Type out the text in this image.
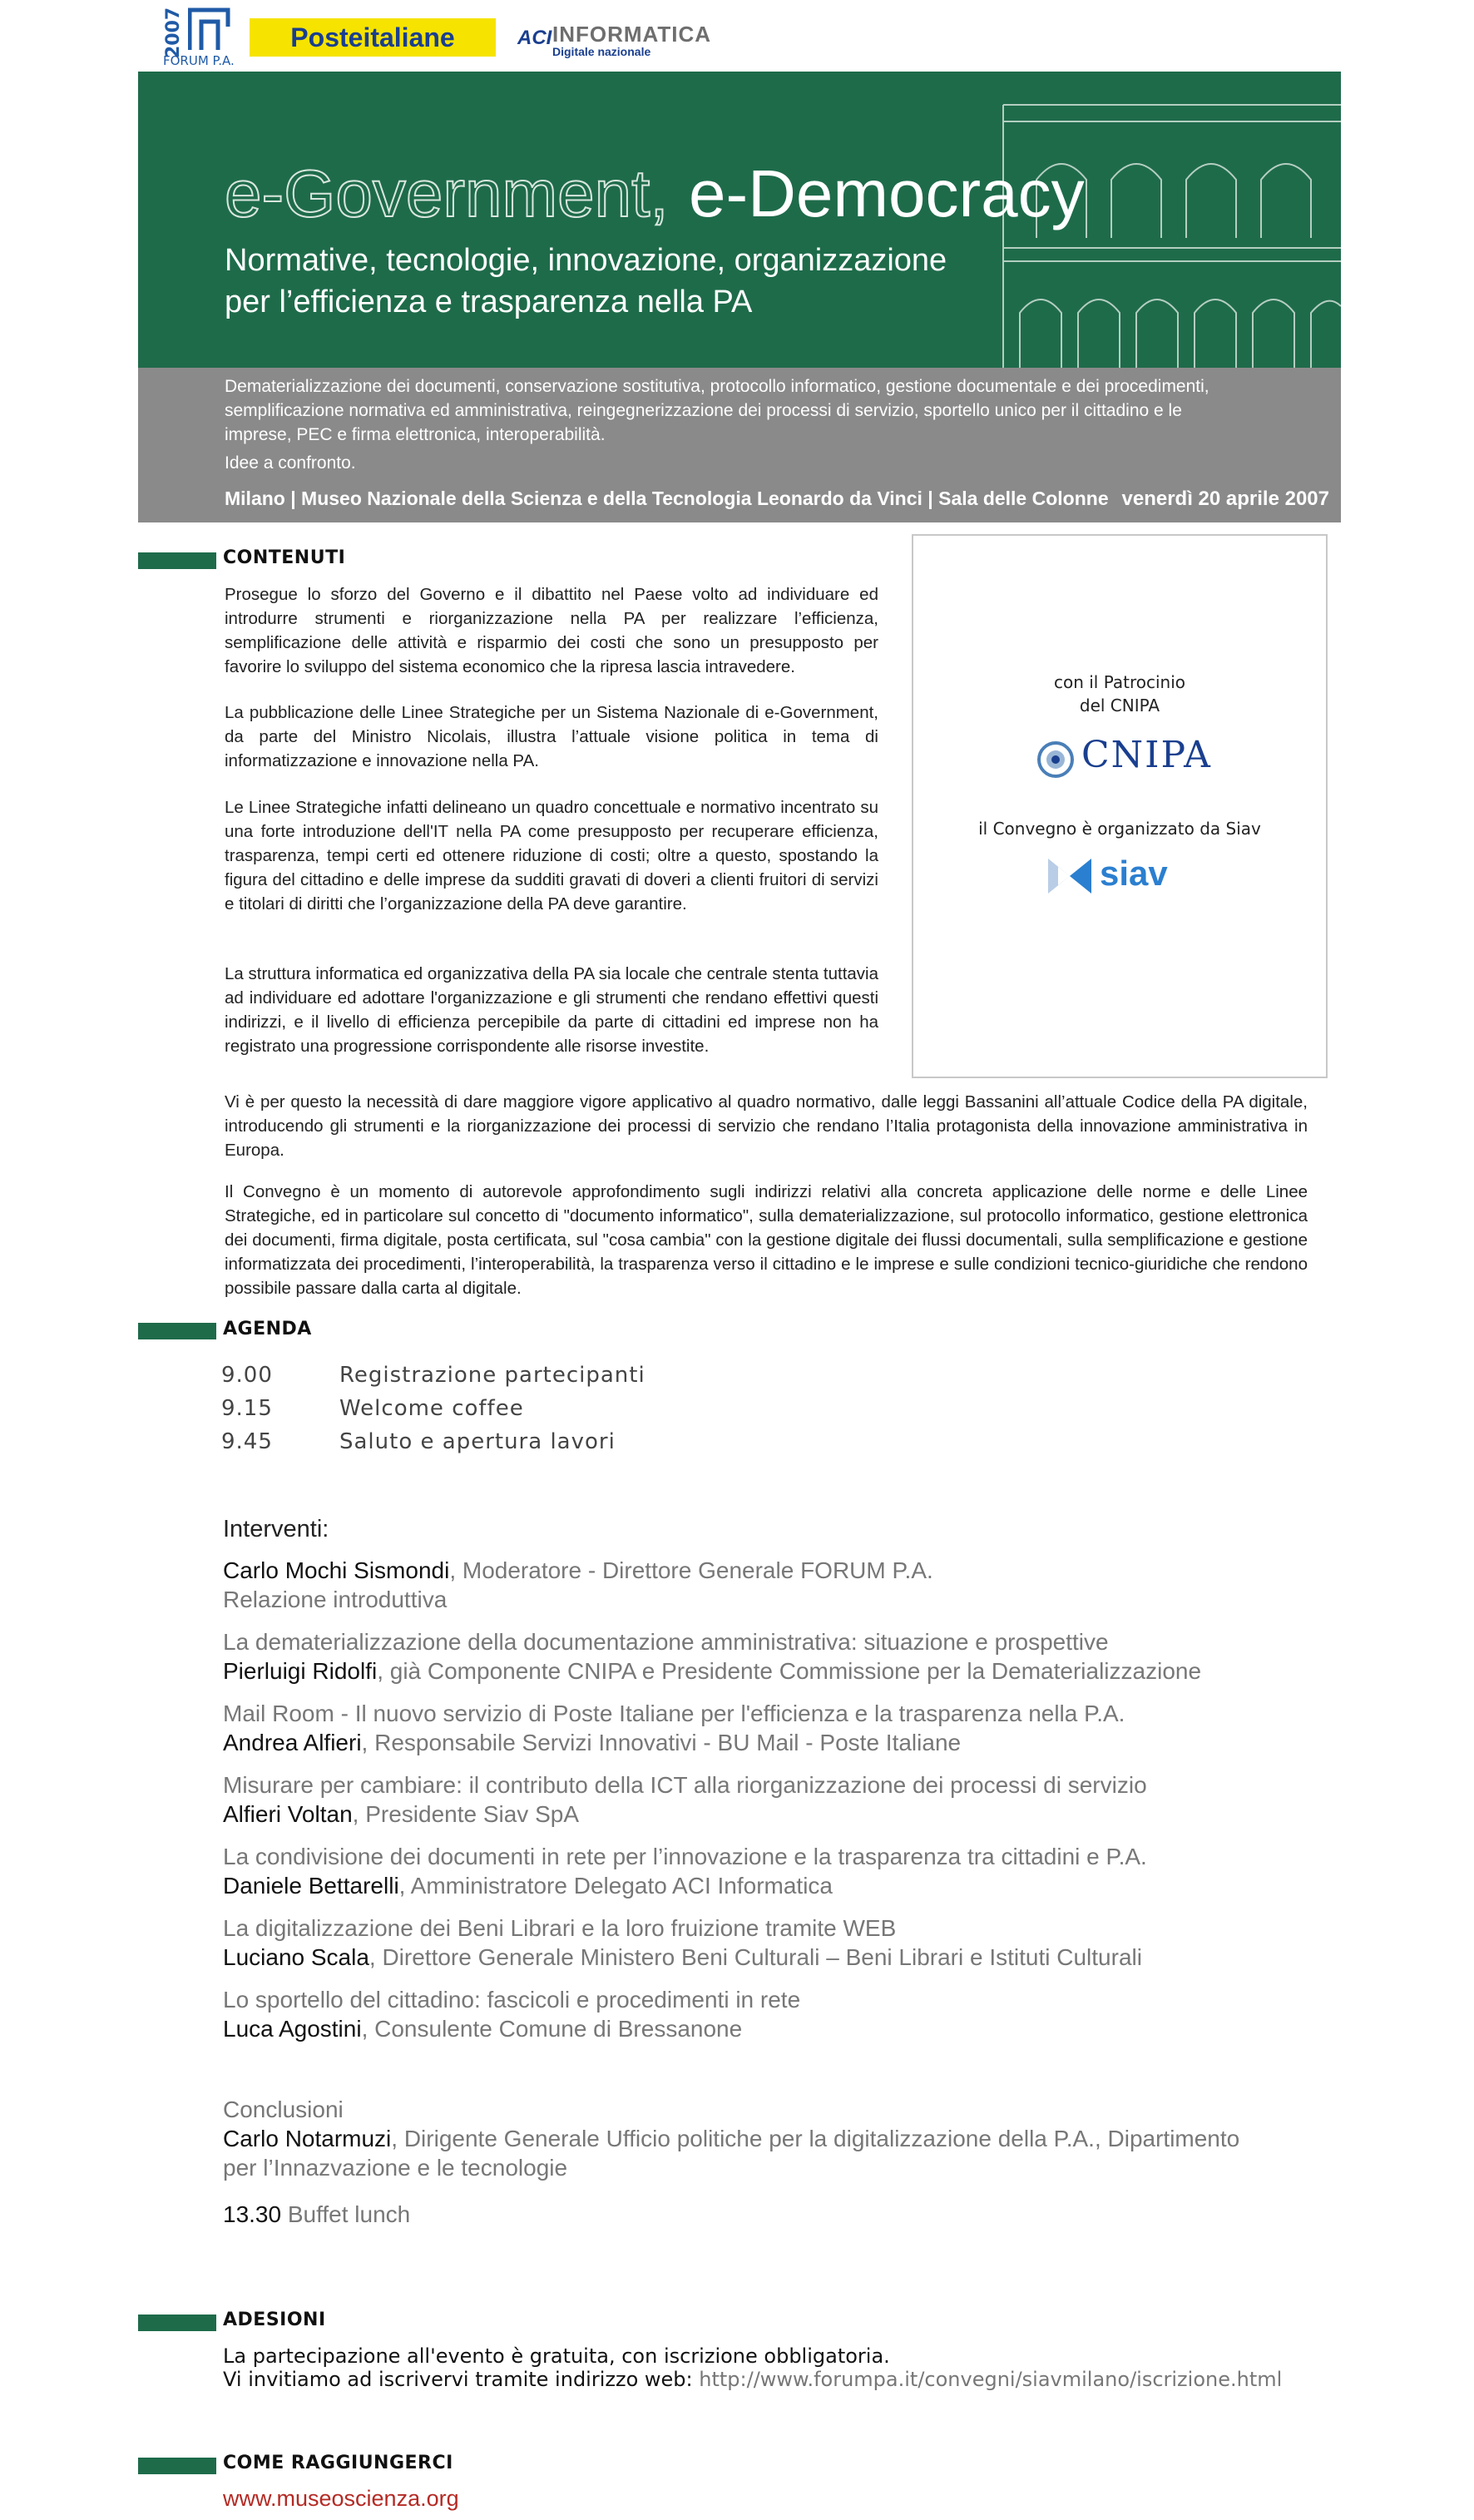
2007
FORUM P.A.
Posteitaliane	ACI INFORMATICA
Digitale nazionale
e-Government, e-Democracy
Normative, tecnologie, innovazione, organizzazione
per l’efficienza e trasparenza nella PA
Dematerializzazione dei documenti, conservazione sostitutiva, protocollo informatico, gestione documentale e dei procedimenti, semplificazione normativa ed amministrativa, reingegnerizzazione dei processi di servizio, sportello unico per il cittadino e le imprese, PEC e firma elettronica, interoperabilità.
Idee a confronto.
Milano | Museo Nazionale della Scienza e della Tecnologia Leonardo da Vinci | Sala delle Colonne venerdì 20 aprile 2007
CONTENUTI
Prosegue lo sforzo del Governo e il dibattito nel Paese volto ad individuare ed introdurre strumenti e riorganizzazione nella PA per realizzare l’efficienza, semplificazione delle attività e risparmio dei costi che sono un presupposto per favorire lo sviluppo del sistema economico che la ripresa lascia intravedere.
La pubblicazione delle Linee Strategiche per un Sistema Nazionale di e-Government, da parte del Ministro Nicolais, illustra l’attuale visione politica in tema di informatizzazione e innovazione nella PA.
Le Linee Strategiche infatti delineano un quadro concettuale e normativo incentrato su una forte introduzione dell'IT nella PA come presupposto per recuperare efficienza, trasparenza, tempi certi ed ottenere riduzione di costi; oltre a questo, spostando la figura del cittadino e delle imprese da sudditi gravati di doveri a clienti fruitori di servizi e titolari di diritti che l’organizzazione della PA deve garantire.
La struttura informatica ed organizzativa della PA sia locale che centrale stenta tuttavia ad individuare ed adottare l'organizzazione e gli strumenti che rendano effettivi questi indirizzi, e il livello di efficienza percepibile da parte di cittadini ed imprese non ha registrato una progressione corrispondente alle risorse investite.
Vi è per questo la necessità di dare maggiore vigore applicativo al quadro normativo, dalle leggi Bassanini all’attuale Codice della PA digitale, introducendo gli strumenti e la riorganizzazione dei processi di servizio che rendano l’Italia protagonista della innovazione amministrativa in Europa.
Il Convegno è un momento di autorevole approfondimento sugli indirizzi relativi alla concreta applicazione delle norme e delle Linee Strategiche, ed in particolare sul concetto di "documento informatico", sulla dematerializzazione, sul protocollo informatico, gestione elettronica dei documenti, firma digitale, posta certificata, sul "cosa cambia" con la gestione digitale dei flussi documentali, sulla semplificazione e gestione informatizzata dei procedimenti, l’interoperabilità, la trasparenza verso il cittadino e le imprese e sulle condizioni tecnico-giuridiche che rendono possibile passare dalla carta al digitale.
con il Patrocinio
del CNIPA
CNIPA
il Convegno è organizzato da Siav
siav
AGENDA
9.00	Registrazione partecipanti
9.15	Welcome coffee
9.45	Saluto e apertura lavori
Interventi:
Carlo Mochi Sismondi, Moderatore - Direttore Generale FORUM P.A.
Relazione introduttiva
La dematerializzazione della documentazione amministrativa: situazione e prospettive
Pierluigi Ridolfi, già Componente CNIPA e Presidente Commissione per la Dematerializzazione
Mail Room - Il nuovo servizio di Poste Italiane per l'efficienza e la trasparenza nella P.A.
Andrea Alfieri, Responsabile Servizi Innovativi - BU Mail - Poste Italiane
Misurare per cambiare: il contributo della ICT alla riorganizzazione dei processi di servizio
Alfieri Voltan, Presidente Siav SpA
La condivisione dei documenti in rete per l’innovazione e la trasparenza tra cittadini e P.A.
Daniele Bettarelli, Amministratore Delegato ACI Informatica
La digitalizzazione dei Beni Librari e la loro fruizione tramite WEB
Luciano Scala, Direttore Generale Ministero Beni Culturali – Beni Librari e Istituti Culturali
Lo sportello del cittadino: fascicoli e procedimenti in rete
Luca Agostini, Consulente Comune di Bressanone
Conclusioni
Carlo Notarmuzi, Dirigente Generale Ufficio politiche per la digitalizzazione della P.A., Dipartimento
per l’Innazvazione e le tecnologie
13.30 Buffet lunch
ADESIONI
La partecipazione all'evento è gratuita, con iscrizione obbligatoria.
Vi invitiamo ad iscrivervi tramite indirizzo web: http://www.forumpa.it/convegni/siavmilano/iscrizione.html
COME RAGGIUNGERCI
www.museoscienza.org
